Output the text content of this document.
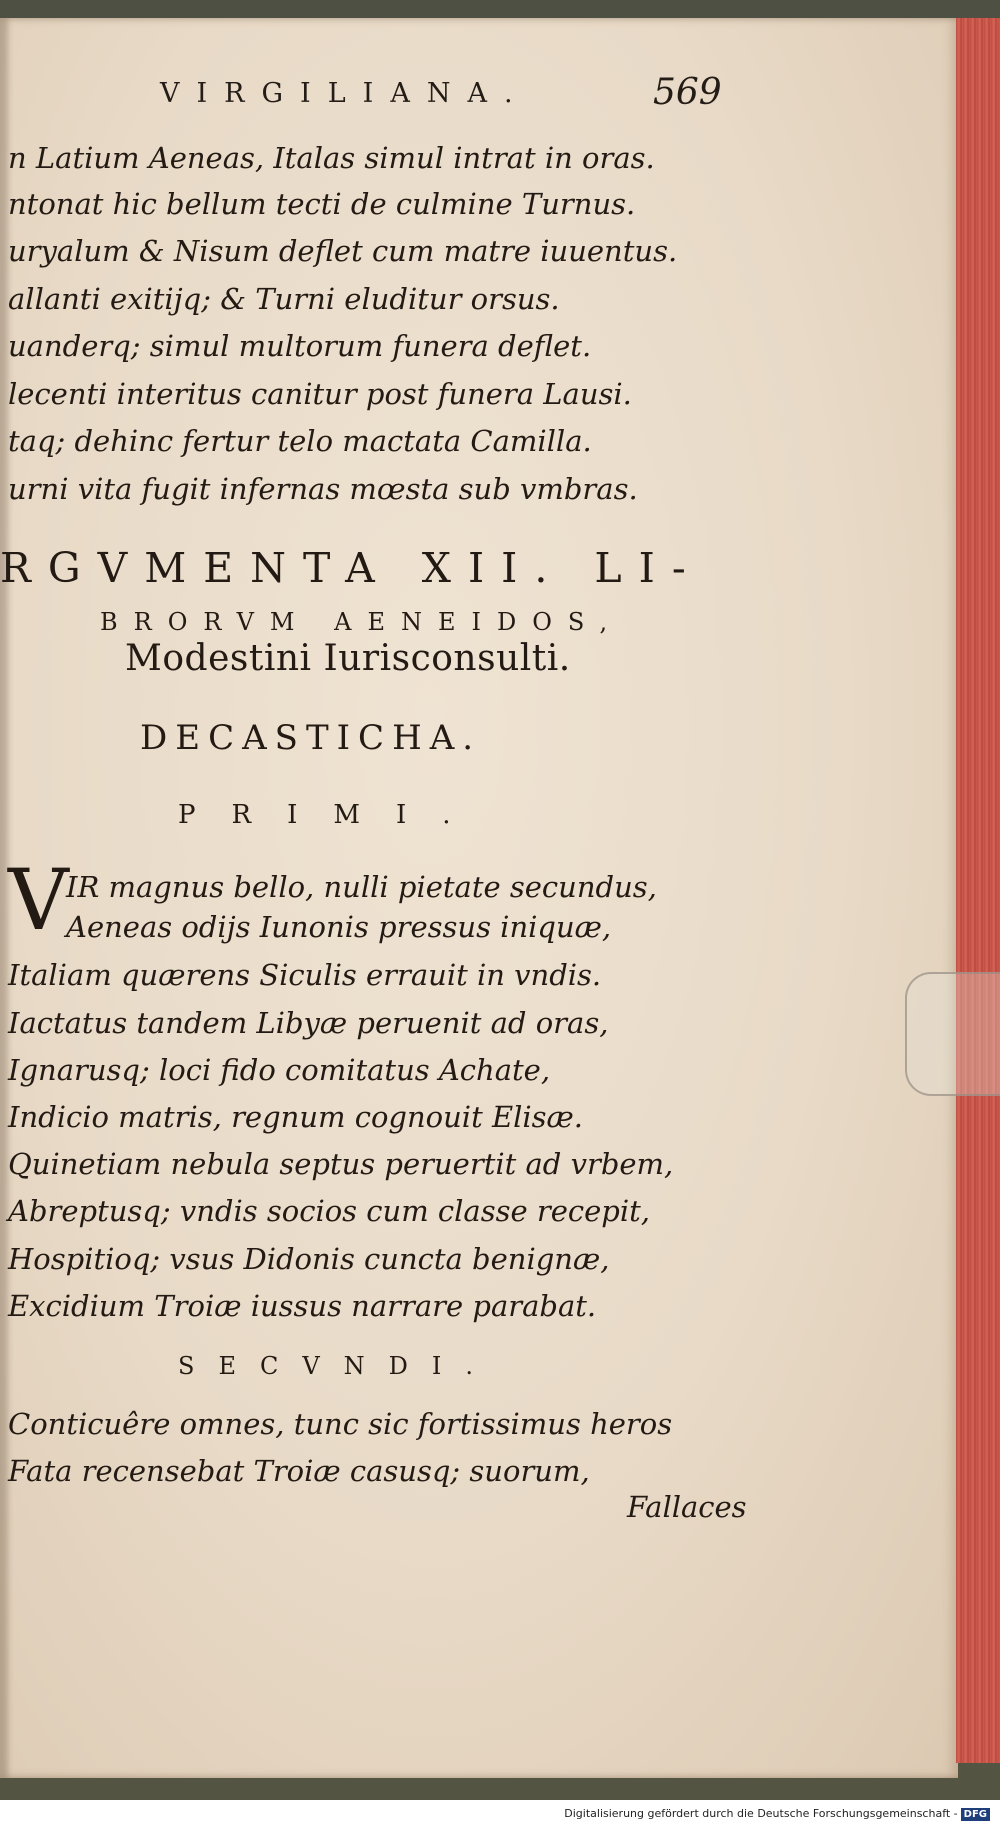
VIRGILIANA.	569
n Latium Aeneas, Italas simul intrat in oras.
ntonat hic bellum tecti de culmine Turnus.
uryalum & Nisum deflet cum matre iuuentus.
allanti exitijq; & Turni eluditur orsus.
uanderq; simul multorum funera deflet.
lecenti interitus canitur post funera Lausi.
taq; dehinc fertur telo mactata Camilla.
urni vita fugit infernas mœsta sub vmbras.
RGVMENTA XII. LI-
BRORVM AENEIDOS,
Modestini Iurisconsulti.
DECASTICHA.
PRIMI.
V
IR magnus bello, nulli pietate secundus,
Aeneas odijs Iunonis pressus iniquæ,
Italiam quærens Siculis errauit in vndis.
Iactatus tandem Libyæ peruenit ad oras,
Ignarusq; loci fido comitatus Achate,
Indicio matris, regnum cognouit Elisæ.
Quinetiam nebula septus peruertit ad vrbem,
Abreptusq; vndis socios cum classe recepit,
Hospitioq; vsus Didonis cuncta benignæ,
Excidium Troiæ iussus narrare parabat.
SECVNDI.
Conticuêre omnes, tunc sic fortissimus heros
Fata recensebat Troiæ casusq; suorum,
Fallaces
Digitalisierung gefördert durch die Deutsche Forschungsgemeinschaft - DFG
